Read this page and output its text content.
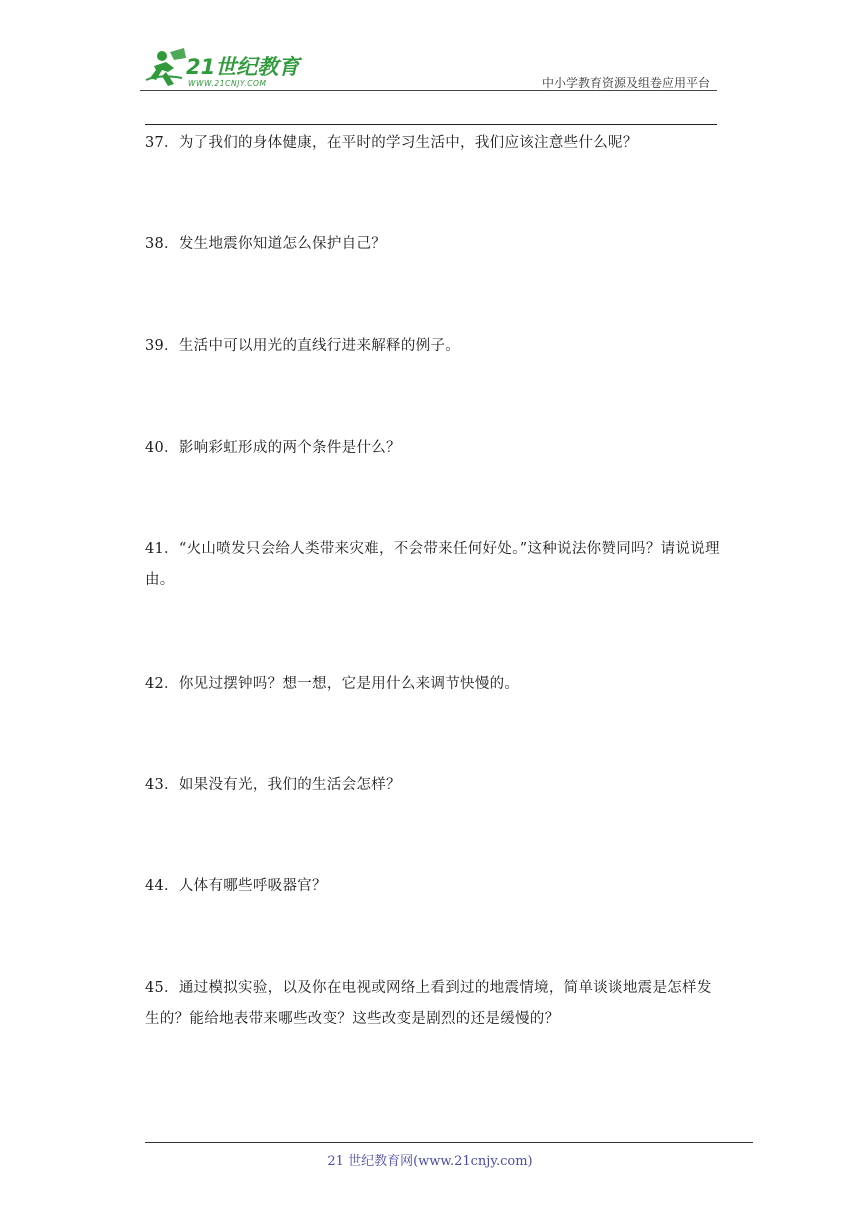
21世纪教育
WWW.21CNJY.COM	中小学教育资源及组卷应用平台
37．为了我们的身体健康，在平时的学习生活中，我们应该注意些什么呢？
38．发生地震你知道怎么保护自己？
39．生活中可以用光的直线行进来解释的例子。
40．影响彩虹形成的两个条件是什么？
41．“火山喷发只会给人类带来灾难，不会带来任何好处。”这种说法你赞同吗？请说说理由。
42．你见过摆钟吗？想一想，它是用什么来调节快慢的。
43．如果没有光，我们的生活会怎样？
44．人体有哪些呼吸器官？
45．通过模拟实验，以及你在电视或网络上看到过的地震情境，简单谈谈地震是怎样发生的？能给地表带来哪些改变？这些改变是剧烈的还是缓慢的？
21 世纪教育网(www.21cnjy.com)
